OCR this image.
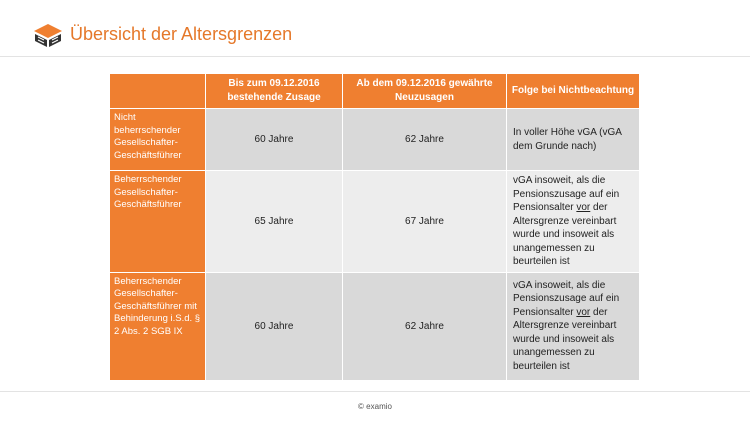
Übersicht der Altersgrenzen
	Bis zum 09.12.2016 bestehende Zusage	Ab dem 09.12.2016 gewährte Neuzusagen	Folge bei Nichtbeachtung
Nicht beherrschender Gesellschafter-Geschäftsführer	60 Jahre	62 Jahre	In voller Höhe vGA (vGA dem Grunde nach)
Beherrschender Gesellschafter-Geschäftsführer	65 Jahre	67 Jahre	vGA insoweit, als die Pensionszusage auf ein Pensionsalter vor der Altersgrenze vereinbart wurde und insoweit als unangemessen zu beurteilen ist
Beherrschender Gesellschafter-Geschäftsführer mit Behinderung i.S.d. § 2 Abs. 2 SGB IX	60 Jahre	62 Jahre	vGA insoweit, als die Pensionszusage auf ein Pensionsalter vor der Altersgrenze vereinbart wurde und insoweit als unangemessen zu beurteilen ist
© examio
